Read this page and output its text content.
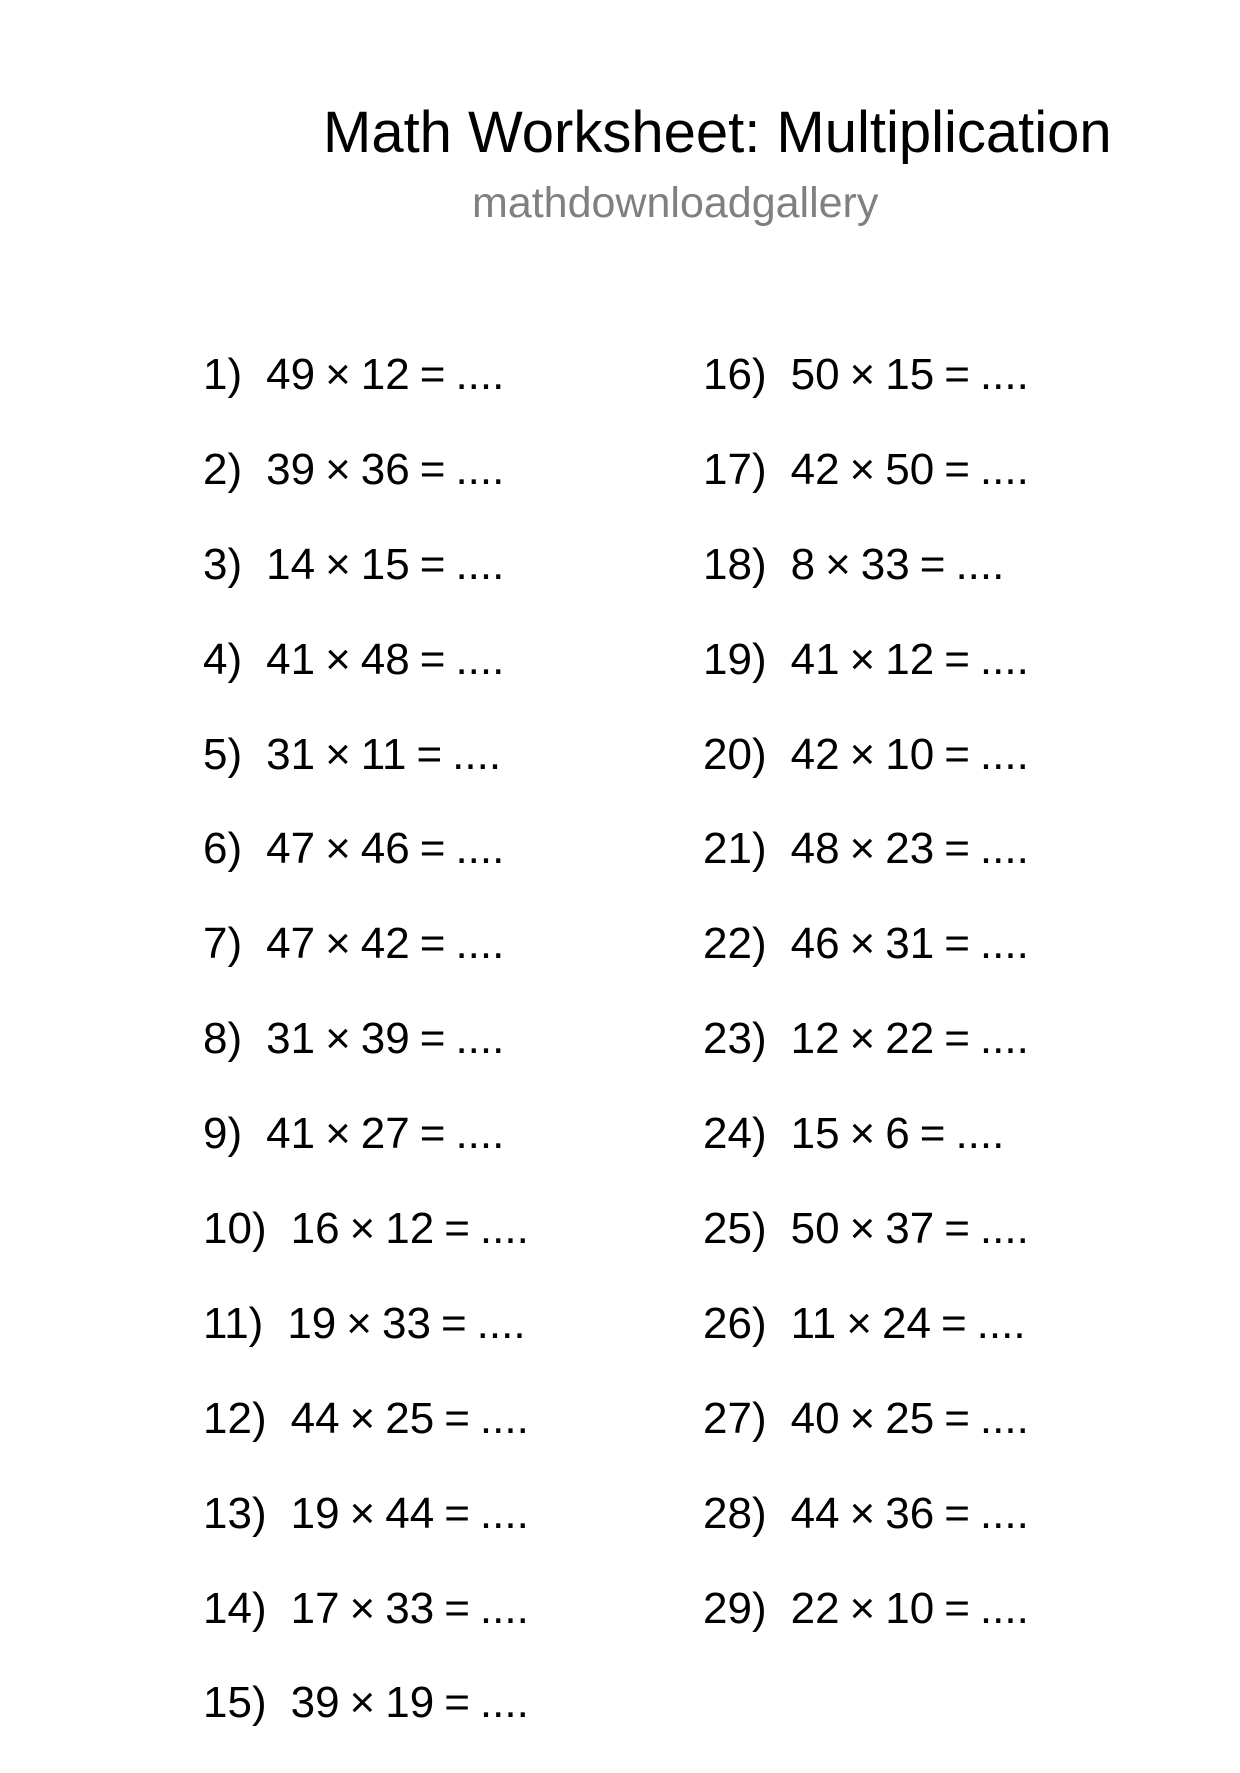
Math Worksheet: Multiplication
mathdownloadgallery
1) 49 × 12 = ....
2) 39 × 36 = ....
3) 14 × 15 = ....
4) 41 × 48 = ....
5) 31 × 11 = ....
6) 47 × 46 = ....
7) 47 × 42 = ....
8) 31 × 39 = ....
9) 41 × 27 = ....
10) 16 × 12 = ....
11) 19 × 33 = ....
12) 44 × 25 = ....
13) 19 × 44 = ....
14) 17 × 33 = ....
15) 39 × 19 = ....
16) 50 × 15 = ....
17) 42 × 50 = ....
18) 8 × 33 = ....
19) 41 × 12 = ....
20) 42 × 10 = ....
21) 48 × 23 = ....
22) 46 × 31 = ....
23) 12 × 22 = ....
24) 15 × 6 = ....
25) 50 × 37 = ....
26) 11 × 24 = ....
27) 40 × 25 = ....
28) 44 × 36 = ....
29) 22 × 10 = ....
